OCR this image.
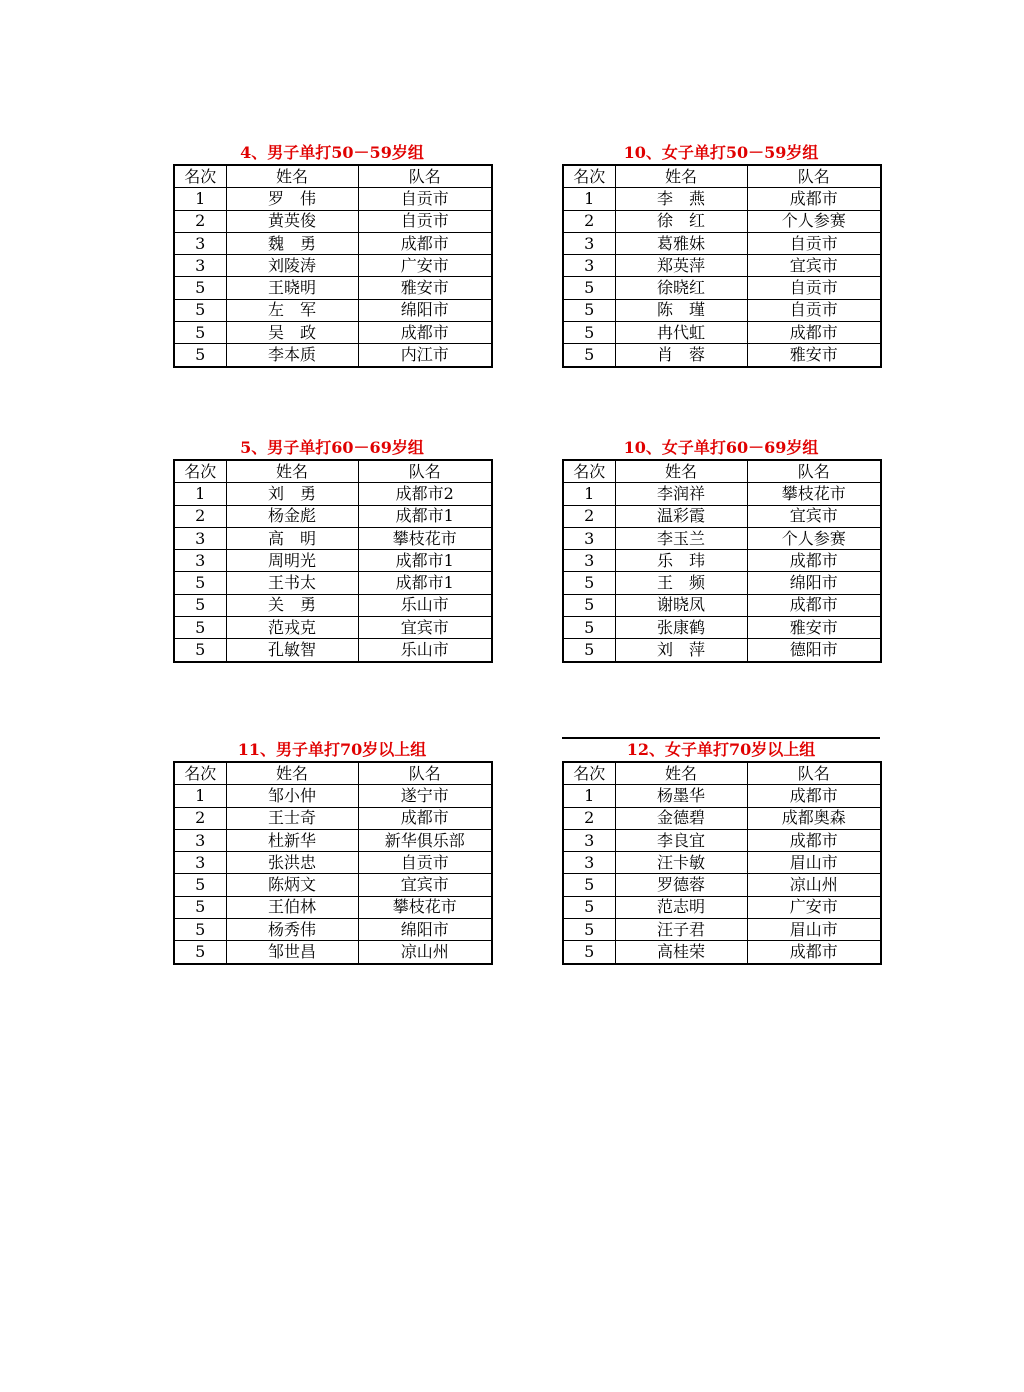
4、男子单打50－59岁组
名次	姓名	队名
1	罗　伟	自贡市
2	黄英俊	自贡市
3	魏　勇	成都市
3	刘陵涛	广安市
5	王晓明	雅安市
5	左　军	绵阳市
5	吴　政	成都市
5	李本质	内江市
10、女子单打50－59岁组
名次	姓名	队名
1	李　燕	成都市
2	徐　红	个人参赛
3	葛雅妹	自贡市
3	郑英萍	宜宾市
5	徐晓红	自贡市
5	陈　瑾	自贡市
5	冉代虹	成都市
5	肖　蓉	雅安市
5、男子单打60－69岁组
名次	姓名	队名
1	刘　勇	成都市2
2	杨金彪	成都市1
3	高　明	攀枝花市
3	周明光	成都市1
5	王书太	成都市1
5	关　勇	乐山市
5	范戎克	宜宾市
5	孔敏智	乐山市
10、女子单打60－69岁组
名次	姓名	队名
1	李润祥	攀枝花市
2	温彩霞	宜宾市
3	李玉兰	个人参赛
3	乐　玮	成都市
5	王　频	绵阳市
5	谢晓凤	成都市
5	张康鹤	雅安市
5	刘　萍	德阳市
11、男子单打70岁以上组
名次	姓名	队名
1	邹小仲	遂宁市
2	王士奇	成都市
3	杜新华	新华俱乐部
3	张洪忠	自贡市
5	陈炳文	宜宾市
5	王伯林	攀枝花市
5	杨秀伟	绵阳市
5	邹世昌	凉山州
12、女子单打70岁以上组
名次	姓名	队名
1	杨墨华	成都市
2	金德碧	成都奥森
3	李良宜	成都市
3	汪卡敏	眉山市
5	罗德蓉	凉山州
5	范志明	广安市
5	汪子君	眉山市
5	高桂荣	成都市
